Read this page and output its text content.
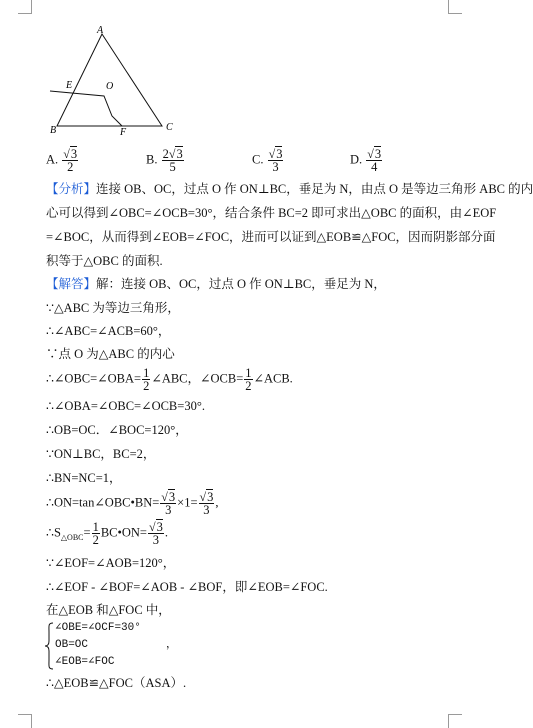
A
E	O
B	F	C
A. $\frac{√3}{2}$	B. $\frac{2√3}{5}$	C. $\frac{√3}{3}$	D. $\frac{√3}{4}$
【分析】连接 OB、OC，过点 O 作 ON⊥BC，垂足为 N，由点 O 是等边三角形 ABC 的内
心可以得到∠OBC=∠OCB=30°，结合条件 BC=2 即可求出△OBC 的面积，由∠EOF
=∠BOC，从而得到∠EOB=∠FOC，进而可以证到△EOB≌△FOC，因而阴影部分面
积等于△OBC 的面积.
【解答】解：连接 OB、OC，过点 O 作 ON⊥BC，垂足为 N，
∵△ABC 为等边三角形，
∴∠ABC=∠ACB=60°，
∵点 O 为△ABC 的内心
∴∠OBC=∠OBA= $\frac{1}{2}$ ∠ABC，∠OCB= $\frac{1}{2}$ ∠ACB.
∴∠OBA=∠OBC=∠OCB=30°.
∴OB=OC．∠BOC=120°，
∵ON⊥BC，BC=2，
∴BN=NC=1，
∴ON=tan∠OBC•BN= $\frac{√3}{3} \times 1= \frac{√3}{3}$ ,
$\therefore S_{\triangle OBC}= \frac{1}{2}$ BC•ON= $\frac{√3}{3}$ .
∵∠EOF=∠AOB=120°，
∴∠EOF - ∠BOF=∠AOB - ∠BOF，即∠EOB=∠FOC.
在△EOB 和△FOC 中，
∠OBE=∠OCF=30°
OB=OC	，
∠EOB=∠FOC
∴△EOB≌△FOC（ASA）.
